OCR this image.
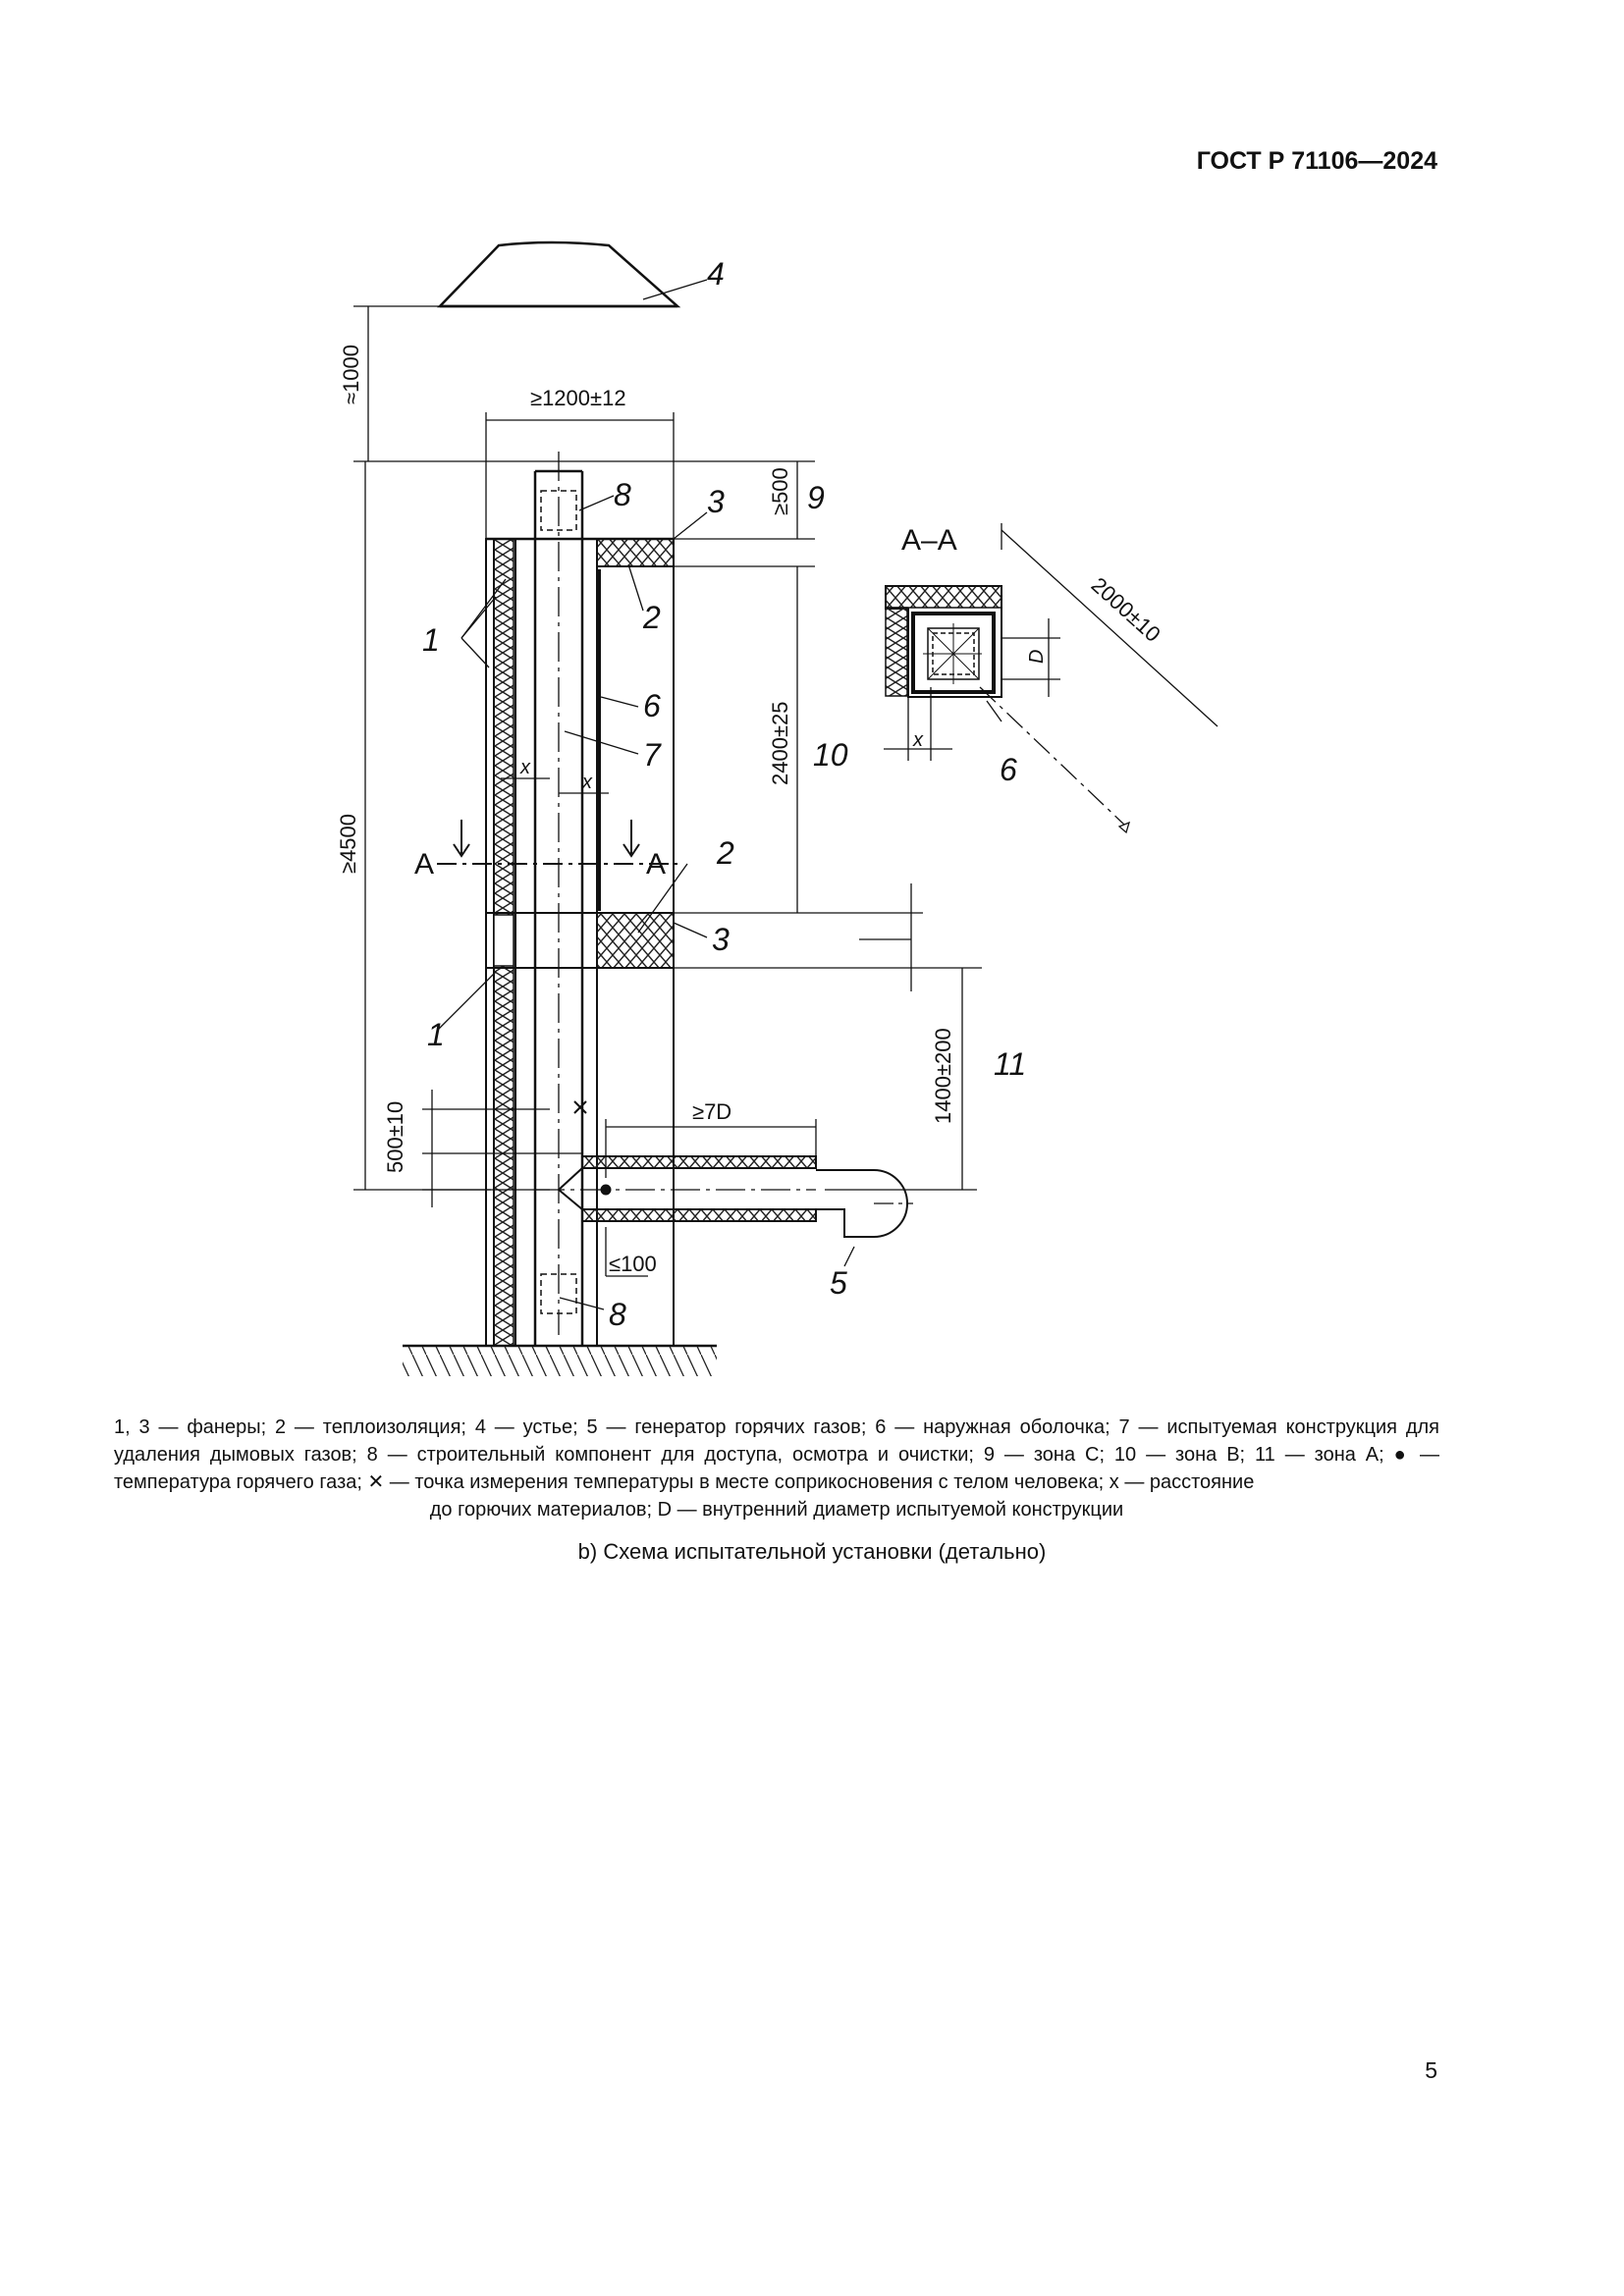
ГОСТ Р 71106—2024
4
8 3
2
1
6
7
2
3
1
8
5
9
10
11
6
А	А
А–А
≥1200±12
≈1000
≥500
≥4500
2400±25
1400±200
500±10	≥7D
≤100
2000±10
x
x
x
D
1, 3 — фанеры; 2 — теплоизоляция; 4 — устье; 5 — генератор горячих газов; 6 — наружная оболочка; 7 — испытуемая конструкция для удаления дымовых газов; 8 — строительный компонент для доступа, осмотра и очистки; 9 — зона С; 10 — зона В; 11 — зона А; ● — температура горячего газа; ✕ — точка измерения температуры в месте соприкосновения с телом человека; x — расстояние
до горючих материалов; D — внутренний диаметр испытуемой конструкции
b) Схема испытательной установки (детально)
5
